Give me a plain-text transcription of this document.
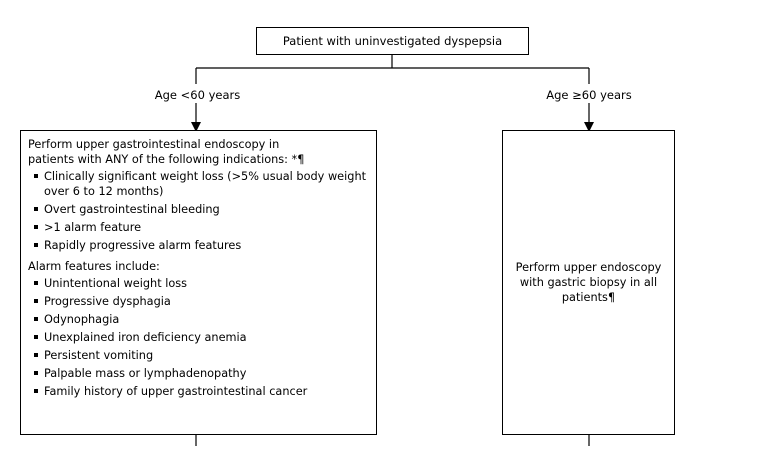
Patient with uninvestigated dyspepsia
Age <60 years	Age ≥60 years

Perform upper gastrointestinal endoscopy in
patients with ANY of the following indications: *¶

Clinically significant weight loss (>5% usual body weight over 6 to 12 months)
Overt gastrointestinal bleeding
>1 alarm feature
Rapidly progressive alarm features

Alarm features include:

Unintentional weight loss
Progressive dysphagia
Odynophagia
Unexplained iron deficiency anemia
Persistent vomiting
Palpable mass or lymphadenopathy
Family history of upper gastrointestinal cancer
Perform upper endoscopy with gastric biopsy in all patients¶
